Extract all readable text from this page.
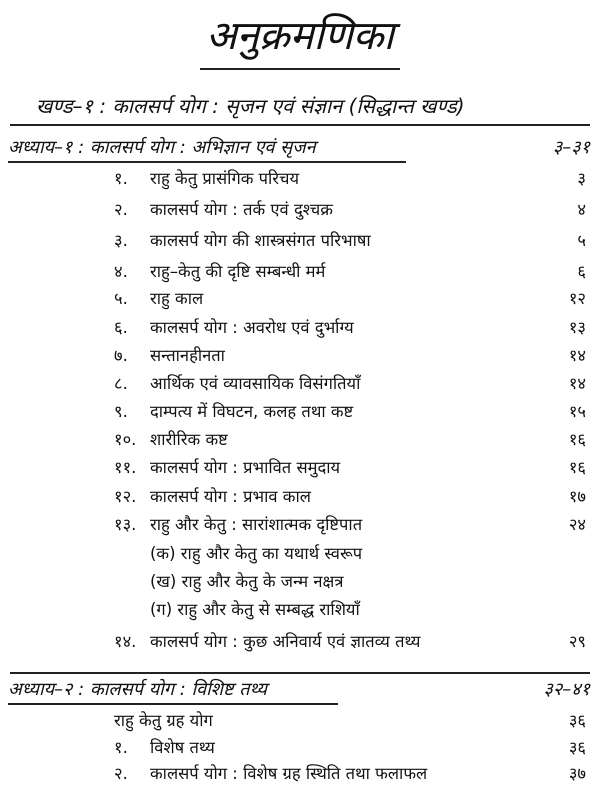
अनुक्रमणिका
खण्ड–१ : कालसर्प योग : सृजन एवं संज्ञान (सिद्धान्त खण्ड)
अध्याय–१ : कालसर्प योग : अभिज्ञान एवं सृजन	३–३१
१. राहु केतु प्रासंगिक परिचय	३
२. कालसर्प योग : तर्क एवं दुश्चक्र	४
३. कालसर्प योग की शास्त्रसंगत परिभाषा	५
४. राहु–केतु की दृष्टि सम्बन्धी मर्म	६
५. राहु काल	१२
६. कालसर्प योग : अवरोध एवं दुर्भाग्य	१३
७. सन्तानहीनता	१४
८. आर्थिक एवं व्यावसायिक विसंगतियाँ	१४
९. दाम्पत्य में विघटन, कलह तथा कष्ट	१५
१०. शारीरिक कष्ट	१६
११. कालसर्प योग : प्रभावित समुदाय	१६
१२. कालसर्प योग : प्रभाव काल	१७
१३. राहु और केतु : सारांशात्मक दृष्टिपात	२४
(क) राहु और केतु का यथार्थ स्वरूप
(ख) राहु और केतु के जन्म नक्षत्र
(ग) राहु और केतु से सम्बद्ध राशियाँ
१४. कालसर्प योग : कुछ अनिवार्य एवं ज्ञातव्य तथ्य	२९
अध्याय–२ : कालसर्प योग : विशिष्ट तथ्य	३२–४१
राहु केतु ग्रह योग	३६
१. विशेष तथ्य	३६
२. कालसर्प योग : विशेष ग्रह स्थिति तथा फलाफल	३७
